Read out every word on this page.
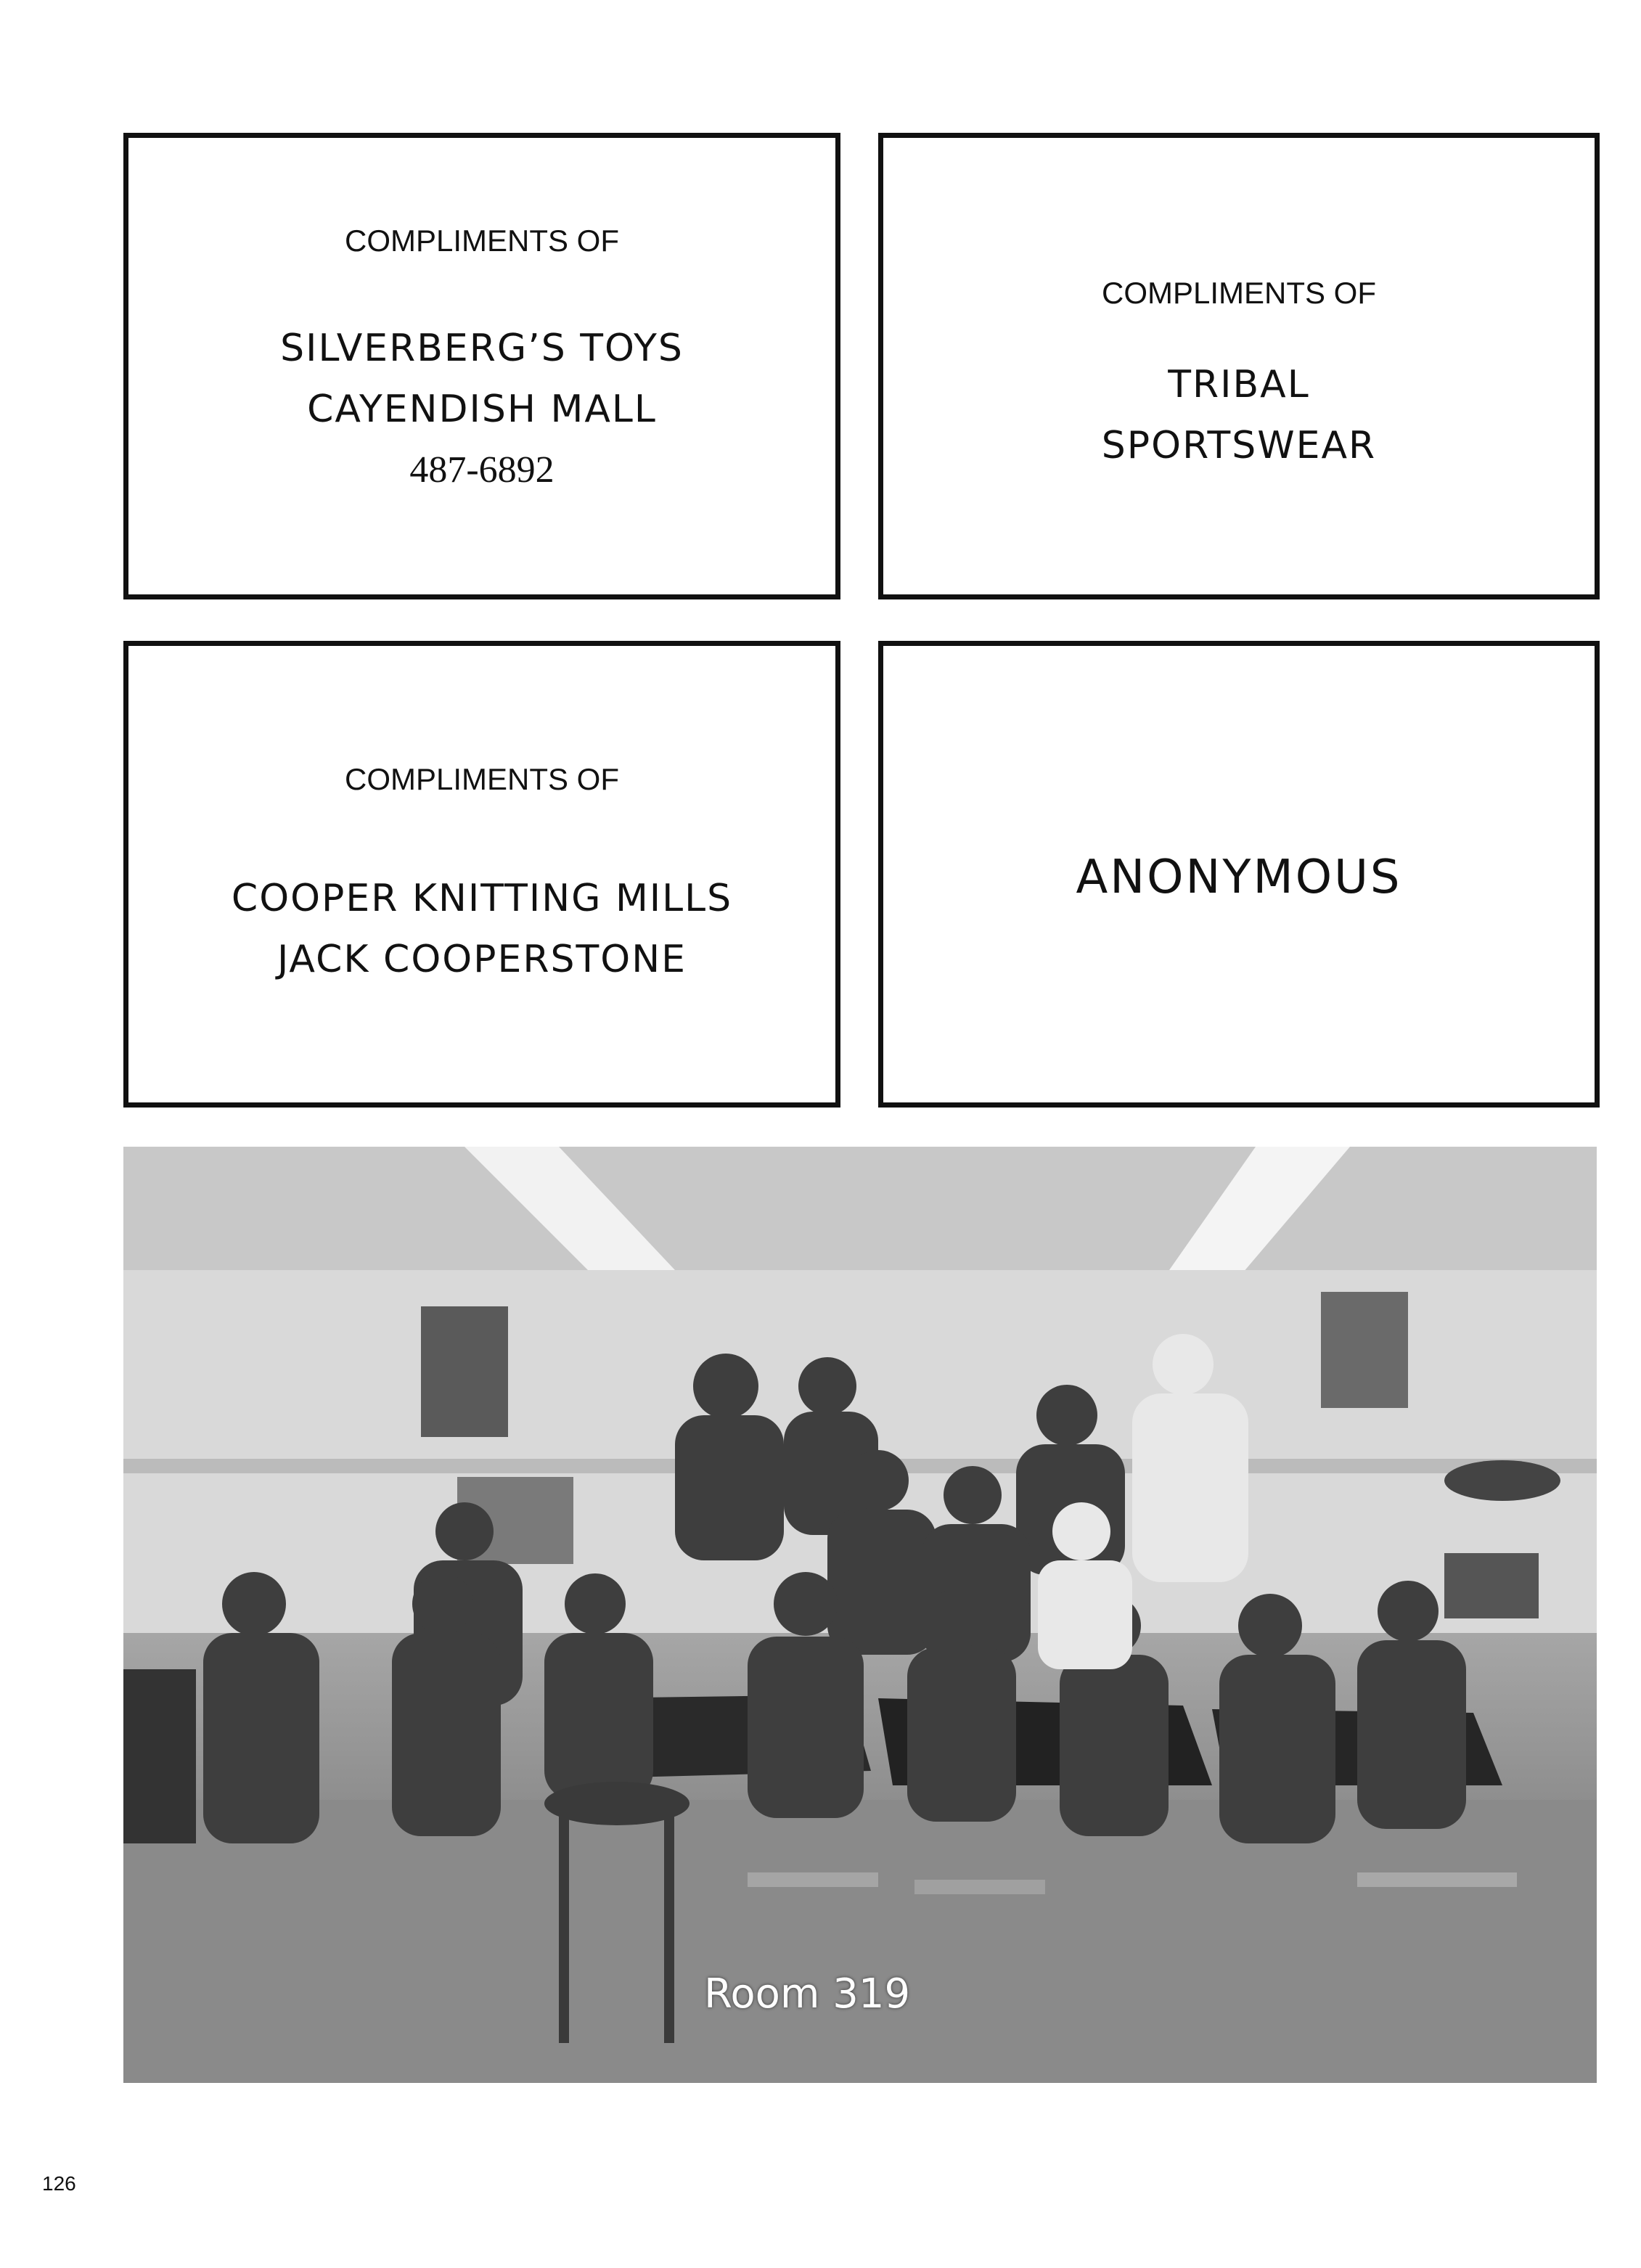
COMPLIMENTS OF
SILVERBERG’S TOYS
CAYENDISH MALL
487-6892
COMPLIMENTS OF
TRIBAL
SPORTSWEAR
COMPLIMENTS OF
COOPER KNITTING MILLS
JACK COOPERSTONE
ANONYMOUS
Room 319
126
